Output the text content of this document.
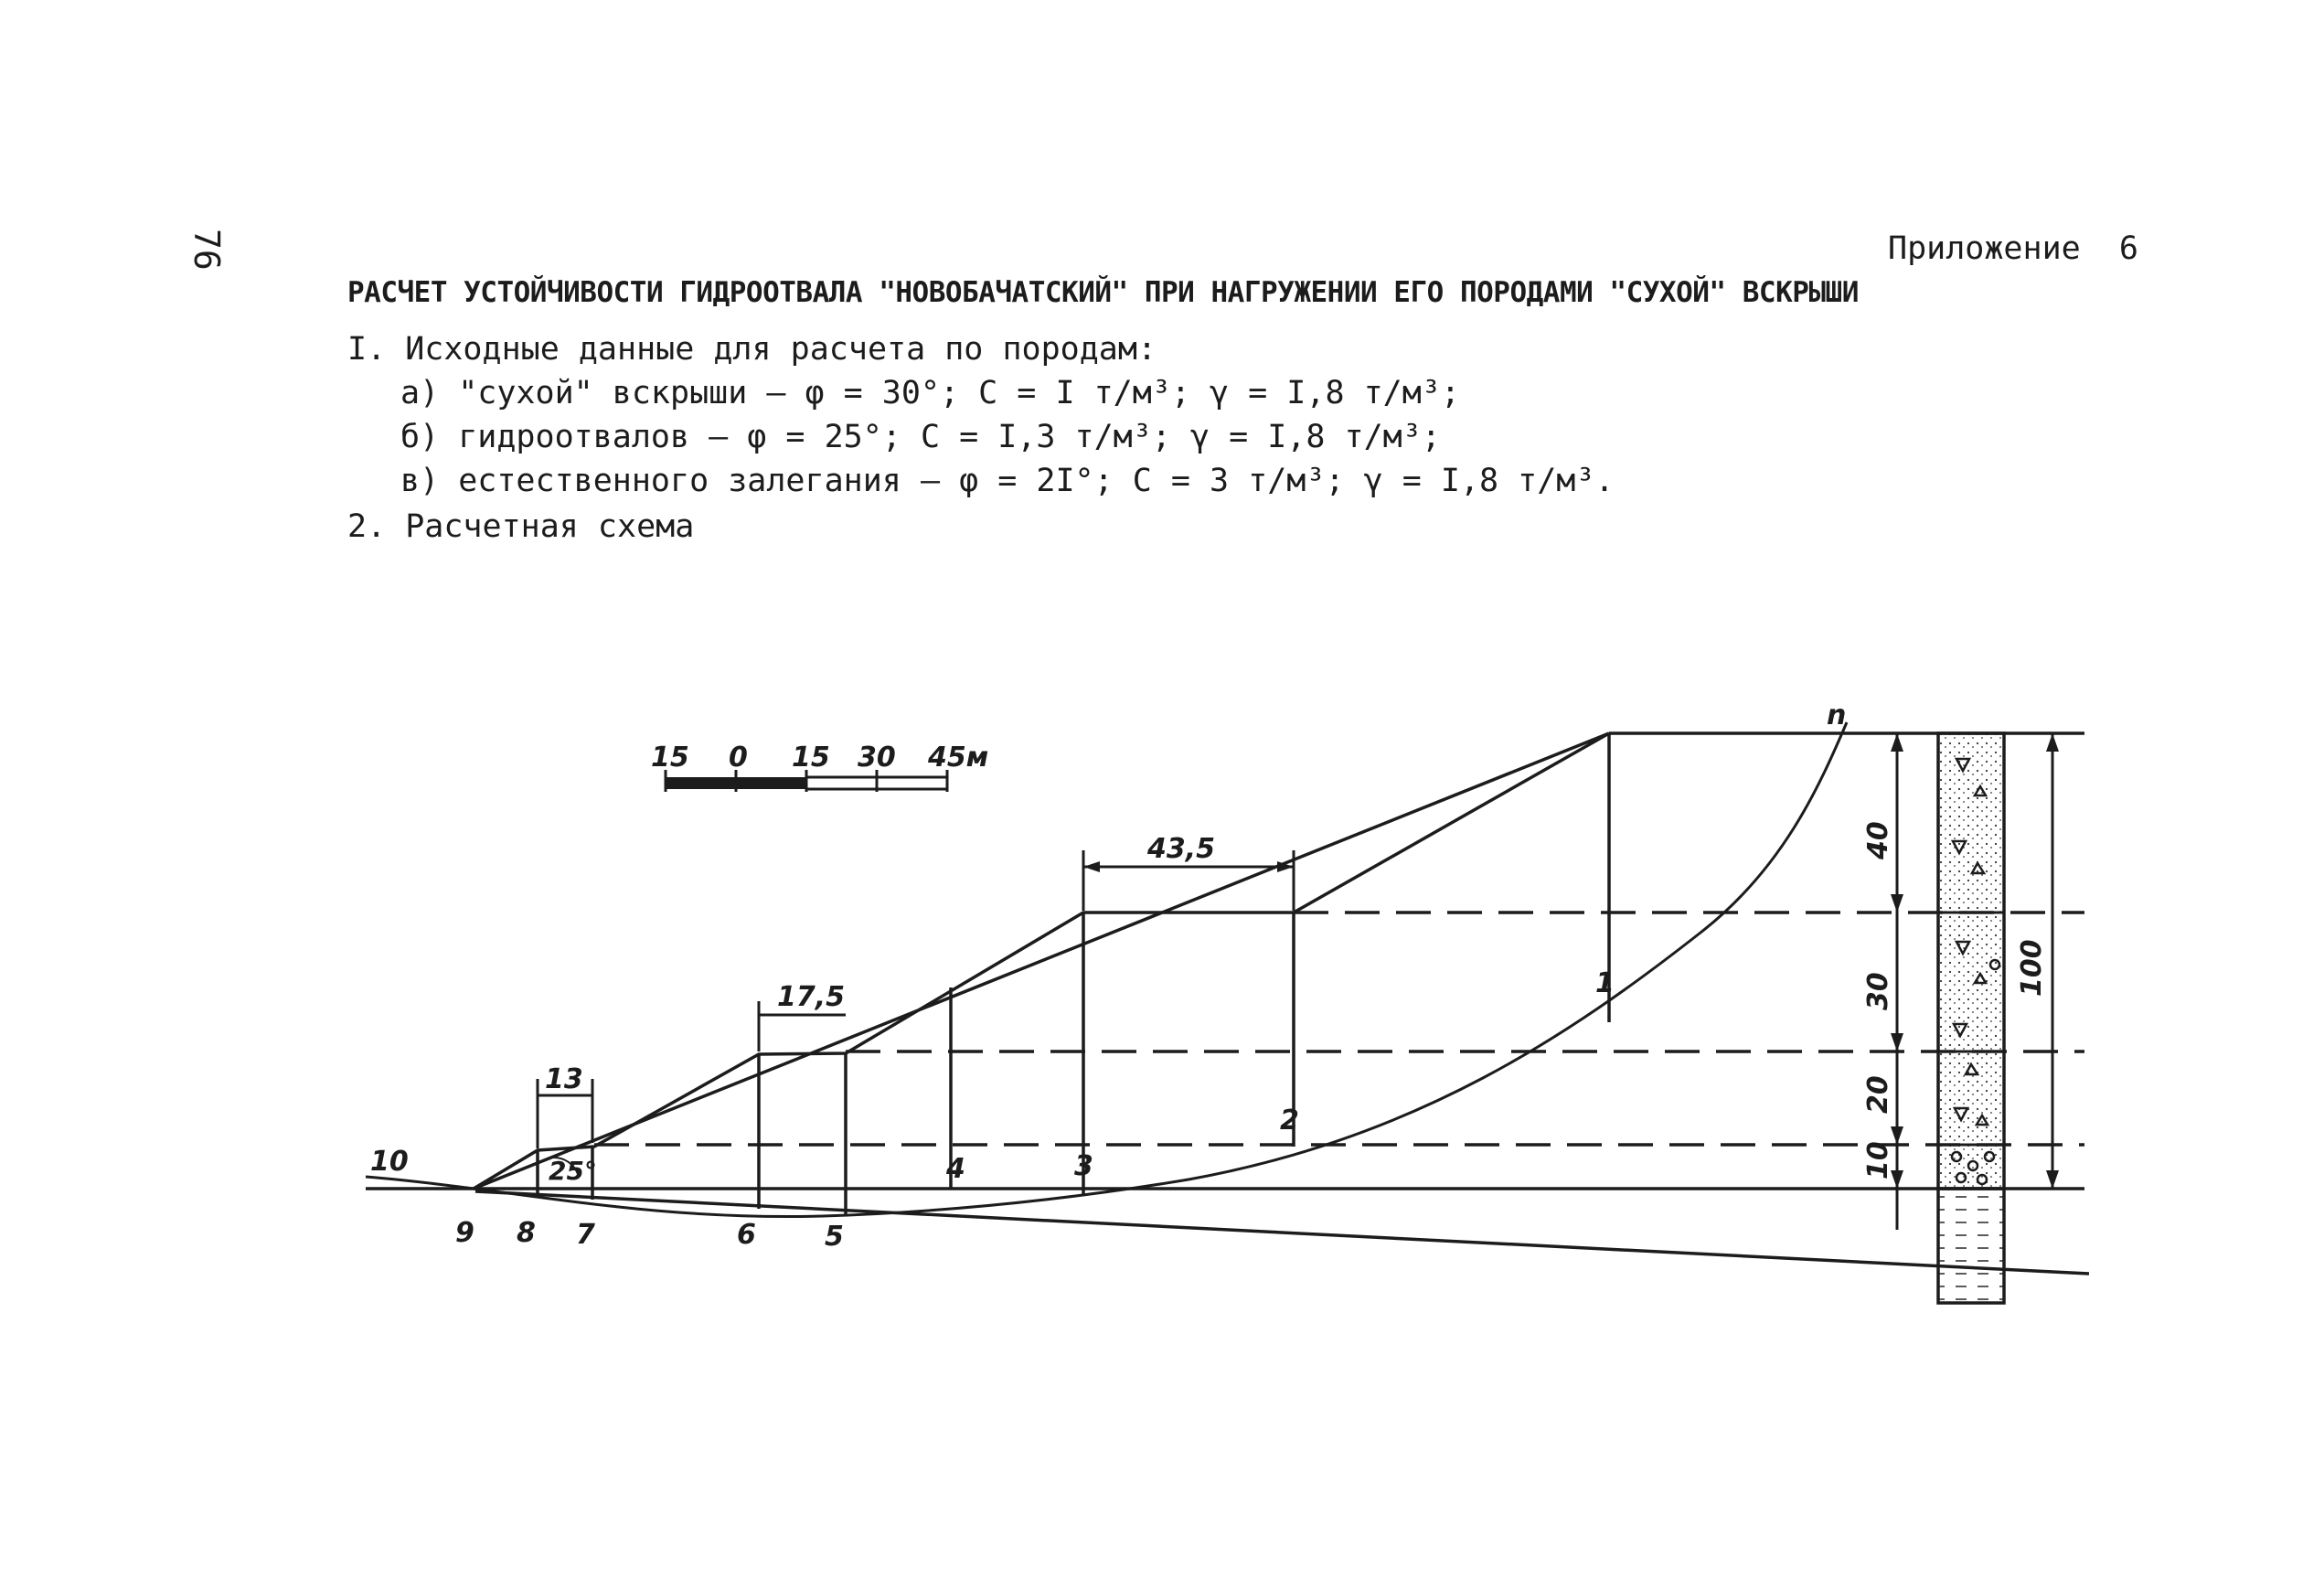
76	Приложение  6
РАСЧЕТ УСТОЙЧИВОСТИ ГИДРООТВАЛА "НОВОБАЧАТСКИЙ" ПРИ НАГРУЖЕНИИ ЕГО ПОРОДАМИ "СУХОЙ" ВСКРЫШИ
I. Исходные данные для расчета по породам:
а) "сухой" вскрыши – φ = 30°; C = I т/м³; γ = I,8 т/м³;
б) гидроотвалов – φ = 25°; C = I,3 т/м³; γ = I,8 т/м³;
в) естественного залегания – φ = 2I°; C = 3 т/м³; γ = I,8 т/м³.
2. Расчетная схема
15 0 15 30 45м
13
17,5
43,5
25°
40
30
20
10
100
10
9 8 7	6	5
4	3
2
1
n
